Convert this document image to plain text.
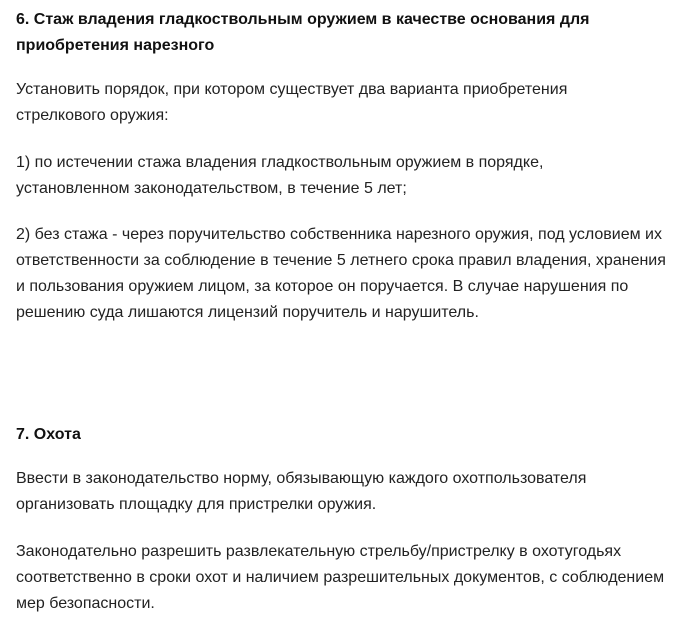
6. Стаж владения гладкоствольным оружием в качестве основания для приобретения нарезного

Установить порядок, при котором существует два варианта приобретения стрелкового оружия:

1) по истечении стажа владения гладкоствольным оружием в порядке, установленном законодательством, в течение 5 лет;

2) без стажа - через поручительство собственника нарезного оружия, под условием их ответственности за соблюдение в течение 5 летнего срока правил владения, хранения и пользования оружием лицом, за которое он поручается. В случае нарушения по решению суда лишаются лицензий поручитель и нарушитель.

7. Охота

Ввести в законодательство норму, обязывающую каждого охотпользователя организовать площадку для пристрелки оружия.

Законодательно разрешить развлекательную стрельбу/пристрелку в охотугодьях соответственно в сроки охот и наличием разрешительных документов, с соблюдением мер безопасности.
